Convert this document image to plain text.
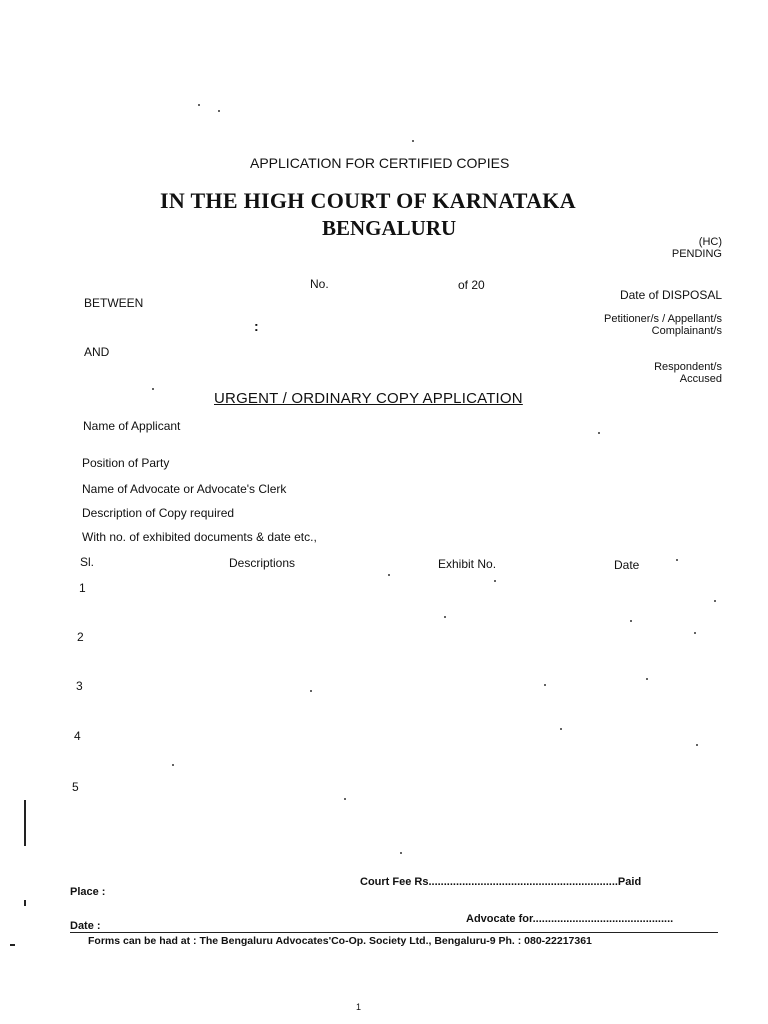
APPLICATION FOR CERTIFIED COPIES
IN THE HIGH COURT OF KARNATAKA
BENGALURU
(HC)
PENDING
No.	of 20
Date of DISPOSAL
BETWEEN
:	Petitioner/s / Appellant/s
Complainant/s
AND
Respondent/s
Accused
URGENT / ORDINARY COPY APPLICATION
Name of Applicant
Position of Party
Name of Advocate or Advocate's Clerk
Description of Copy required
With no. of exhibited documents & date etc.,
Sl.	Descriptions	Exhibit No.	Date
1
2
3
4
5
Court Fee Rs..............................................................Paid
Place :
Advocate for..............................................
Date :
Forms can be had at : The Bengaluru Advocates'Co-Op. Society Ltd., Bengaluru-9 Ph. : 080-22217361
1
